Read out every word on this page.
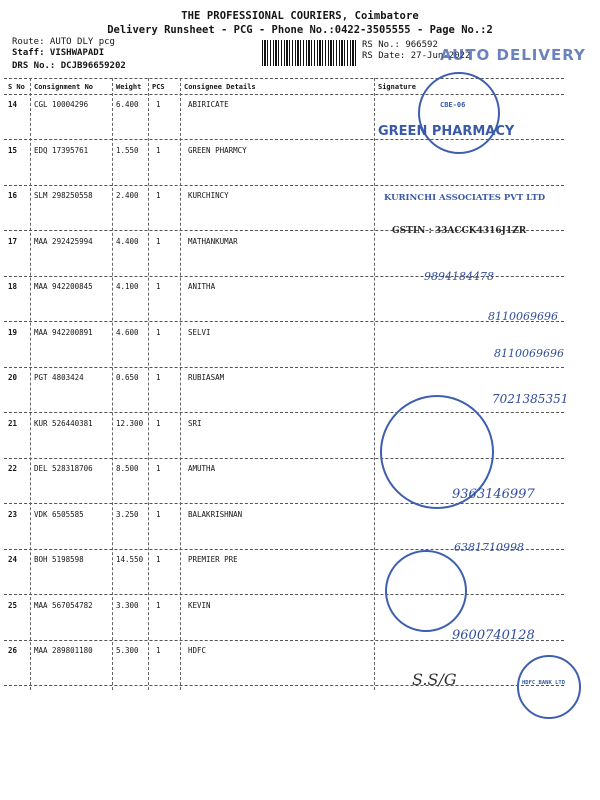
THE PROFESSIONAL COURIERS, Coimbatore
Delivery Runsheet - PCG - Phone No.:0422-3505555 - Page No.:2
Route: AUTO DLY pcg
Staff: VISHWAPADI
DRS No.: DCJB96659202
RS No.: 966592
RS Date: 27-Jun-2022
AUTO DELIVERY
S No Consignment No	Weight PCS	Consignee Details	Signature
14 CGL 10004296	6.400 1	ABIRICATE
15 EDQ 17395761	1.550 1	GREEN PHARMCY
16 SLM 298250558	2.400 1	KURCHINCY
17 MAA 292425994	4.400 1	MATHANKUMAR
18 MAA 942200845	4.100 1	ANITHA
19 MAA 942200891	4.600 1	SELVI
20 PGT 4803424	0.650 1	RUBIASAM
21 KUR 526440381	12.300 1	SRI
22 DEL 528318706	8.500 1	AMUTHA
23 VDK 6505585	3.250 1	BALAKRISHNAN
24 BOH 5198598	14.550 1	PREMIER PRE
25 MAA 567054782	3.300 1	KEVIN
26 MAA 289801180	5.300 1	HDFC
CBE-06
GREEN PHARMACY
KURINCHI ASSOCIATES PVT LTD
GSTIN : 33ACCK4316J1ZR
9894184478
8110069696
8110069696
7021385351
9363146997
6381710998
9600740128
S.S/G	HDFC BANK LTD
